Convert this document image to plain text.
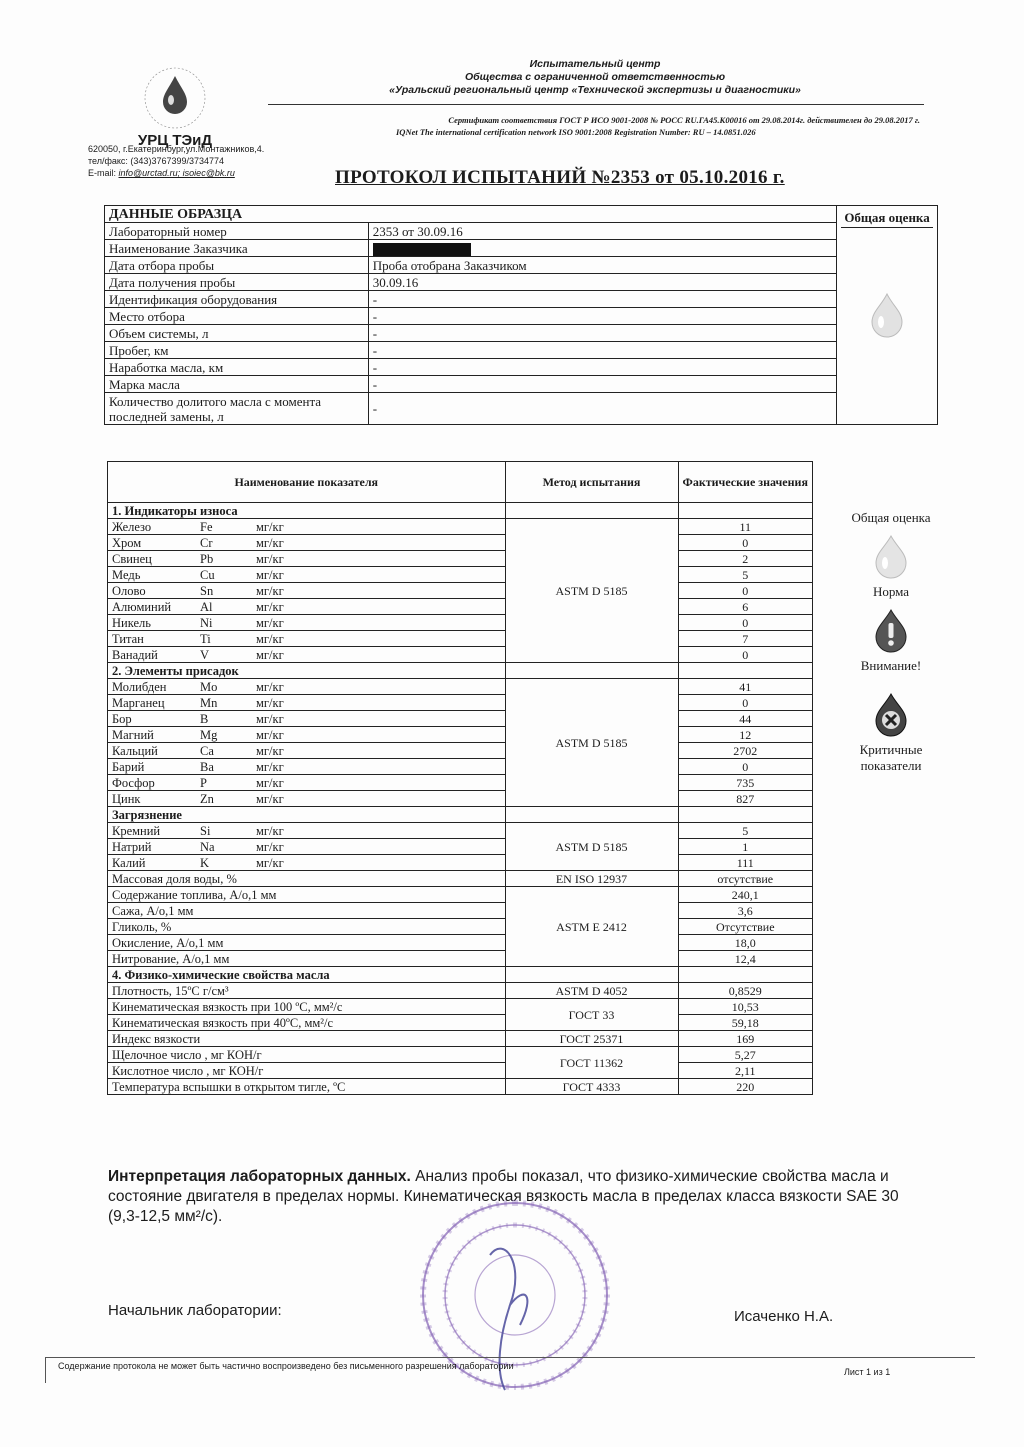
УРЦ ТЭиД
620050, г.Екатеринбург,ул.Монтажников,4.
тел/факс: (343)3767399/3734774
E-mail: info@urctad.ru; isoiec@bk.ru
Испытательный центр
Общества с ограниченной ответственностью
«Уральский региональный центр «Технической экспертизы и диагностики»
Сертификат соответствия ГОСТ Р ИСО 9001-2008 № РОСС RU.ГА45.К00016 от 29.08.2014г. действителен до 29.08.2017 г.
IQNet The international certification network ISO 9001:2008 Registration Number: RU – 14.0851.026
ПРОТОКОЛ ИСПЫТАНИЙ №2353 от 05.10.2016 г.
ДАННЫЕ ОБРАЗЦА		Общая оценка

Лабораторный номер	2353 от 30.09.16	
Наименование Заказчика		
Дата отбора пробы	Проба отобрана Заказчиком	
Дата получения пробы	30.09.16	
Идентификация оборудования	-	
Место отбора	-	
Объем системы, л	-	
Пробег, км	-	
Наработка масла, км	-	
Марка масла	-	
Количество долитого масла с момента последней замены, л	-	
Наименование показателя	Метод испытания	Фактические значения
1. Индикаторы износа		
Железо Fe мг/кг	ASTM D 5185	11
Хром Cr мг/кг		0
Свинец Pb мг/кг		2
Медь Cu мг/кг		5
Олово Sn мг/кг		0
Алюминий Al мг/кг		6
Никель Ni мг/кг		0
Титан Ti мг/кг		7
Ванадий V мг/кг		0
2. Элементы присадок		
Молибден Mo мг/кг	ASTM D 5185	41
Марганец Mn мг/кг		0
Бор B мг/кг		44
Магний Mg мг/кг		12
Кальций Ca мг/кг		2702
Барий Ba мг/кг		0
Фосфор P мг/кг		735
Цинк Zn мг/кг		827
Загрязнение		
Кремний Si мг/кг	ASTM D 5185	5
Натрий Na мг/кг		1
Калий K мг/кг		111
Массовая доля воды, %	EN ISO 12937	отсутствие
Содержание топлива, А/о,1 мм	ASTM E 2412	240,1
Сажа, А/о,1 мм		3,6
Гликоль, %		Отсутствие
Окисление, А/о,1 мм		18,0
Нитрование, А/о,1 мм		12,4
4. Физико-химические свойства масла		
Плотность, 15ºC г/см³	ASTM D 4052	0,8529
Кинематическая вязкость при 100 ºC, мм²/с	ГОСТ 33	10,53
Кинематическая вязкость при 40ºC, мм²/с		59,18
Индекс вязкости	ГОСТ 25371	169
Щелочное число , мг КОН/г	ГОСТ 11362	5,27
Кислотное число , мг КОН/г		2,11
Температура вспышки в открытом тигле, ºC	ГОСТ 4333	220
Общая оценка
Норма
Внимание!
Критичные показатели
Интерпретация лабораторных данных. Анализ пробы показал, что физико-химические свойства масла и состояние двигателя в пределах нормы. Кинематическая вязкость масла в пределах класса вязкости SAE 30 (9,3-12,5 мм²/с).
Начальник лаборатории:	Исаченко Н.А.
Содержание протокола не может быть частично воспроизведено без письменного разрешения лаборатории
Лист 1 из 1
